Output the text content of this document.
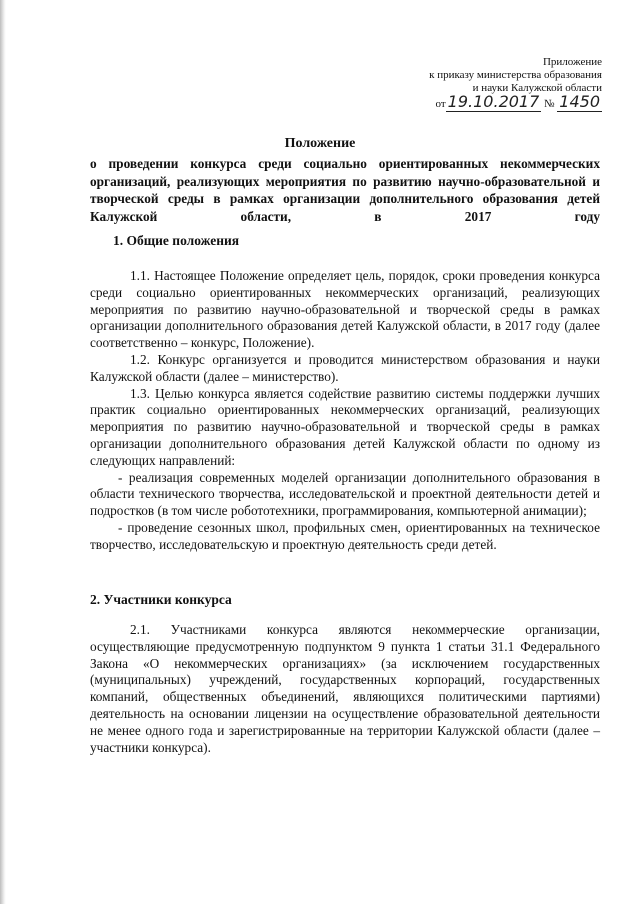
Приложение
к приказу министерства образования
и науки Калужской области
от 19.10.2017 № 1450
Положение
о проведении конкурса среди социально ориентированных некоммерческих организаций, реализующих мероприятия по развитию научно-образовательной и творческой среды в рамках организации дополнительного образования детей Калужской области, в 2017 году
1. Общие положения

1.1. Настоящее Положение определяет цель, порядок, сроки проведения конкурса среди социально ориентированных некоммерческих организаций, реализующих мероприятия по развитию научно-образовательной и творческой среды в рамках организации дополнительного образования детей Калужской области, в 2017 году (далее соответственно – конкурс, Положение).

1.2. Конкурс организуется и проводится министерством образования и науки Калужской области (далее – министерство).

1.3. Целью конкурса является содействие развитию системы поддержки лучших практик социально ориентированных некоммерческих организаций, реализующих мероприятия по развитию научно-образовательной и творческой среды в рамках организации дополнительного образования детей Калужской области по одному из следующих направлений:

- реализация современных моделей организации дополнительного образования в области технического творчества, исследовательской и проектной деятельности детей и подростков (в том числе робототехники, программирования, компьютерной анимации);

- проведение сезонных школ, профильных смен, ориентированных на техническое творчество, исследовательскую и проектную деятельность среди детей.

2. Участники конкурса

2.1. Участниками конкурса являются некоммерческие организации, осуществляющие предусмотренную подпунктом 9 пункта 1 статьи 31.1 Федерального Закона «О некоммерческих организациях» (за исключением государственных (муниципальных) учреждений, государственных корпораций, государственных компаний, общественных объединений, являющихся политическими партиями) деятельность на основании лицензии на осуществление образовательной деятельности не менее одного года и зарегистрированные на территории Калужской области (далее – участники конкурса).
